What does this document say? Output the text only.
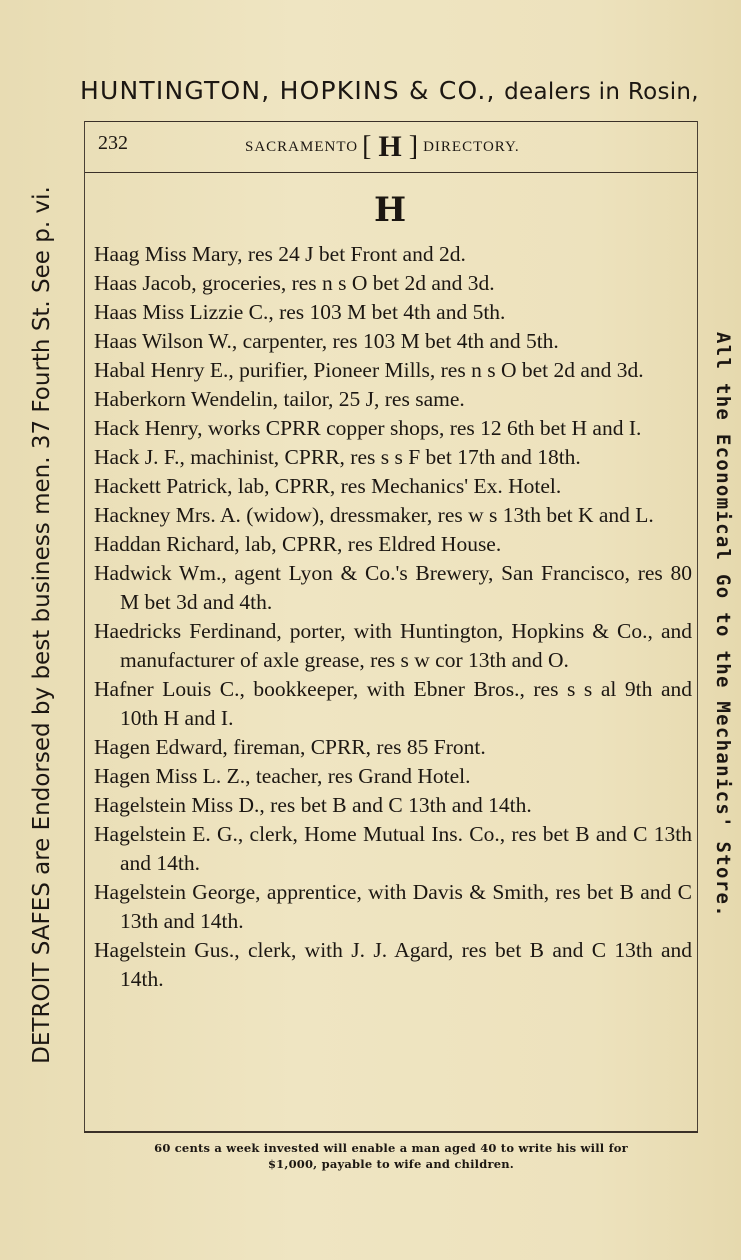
HUNTINGTON, HOPKINS & CO., dealers in Rosin,
232	SACRAMENTO [ H ] DIRECTORY.
H
Haag Miss Mary, res 24 J bet Front and 2d.
Haas Jacob, groceries, res n s O bet 2d and 3d.
Haas Miss Lizzie C., res 103 M bet 4th and 5th.
Haas Wilson W., carpenter, res 103 M bet 4th and 5th.
Habal Henry E., purifier, Pioneer Mills, res n s O bet 2d and 3d.
Haberkorn Wendelin, tailor, 25 J, res same.
Hack Henry, works CPRR copper shops, res 12 6th bet H and I.
Hack J. F., machinist, CPRR, res s s F bet 17th and 18th.
Hackett Patrick, lab, CPRR, res Mechanics' Ex. Hotel.
Hackney Mrs. A. (widow), dressmaker, res w s 13th bet K and L.
Haddan Richard, lab, CPRR, res Eldred House.
Hadwick Wm., agent Lyon & Co.'s Brewery, San Francisco, res 80 M bet 3d and 4th.
Haedricks Ferdinand, porter, with Huntington, Hopkins & Co., and manufacturer of axle grease, res s w cor 13th and O.
Hafner Louis C., bookkeeper, with Ebner Bros., res s s al 9th and 10th H and I.
Hagen Edward, fireman, CPRR, res 85 Front.
Hagen Miss L. Z., teacher, res Grand Hotel.
Hagelstein Miss D., res bet B and C 13th and 14th.
Hagelstein E. G., clerk, Home Mutual Ins. Co., res bet B and C 13th and 14th.
Hagelstein George, apprentice, with Davis & Smith, res bet B and C 13th and 14th.
Hagelstein Gus., clerk, with J. J. Agard, res bet B and C 13th and 14th.
DETROIT SAFES are Endorsed by best business men. 37 Fourth St. See p. vi.	All the Economical Go to the Mechanics' Store.
60 cents a week invested will enable a man aged 40 to write his will for
$1,000, payable to wife and children.
